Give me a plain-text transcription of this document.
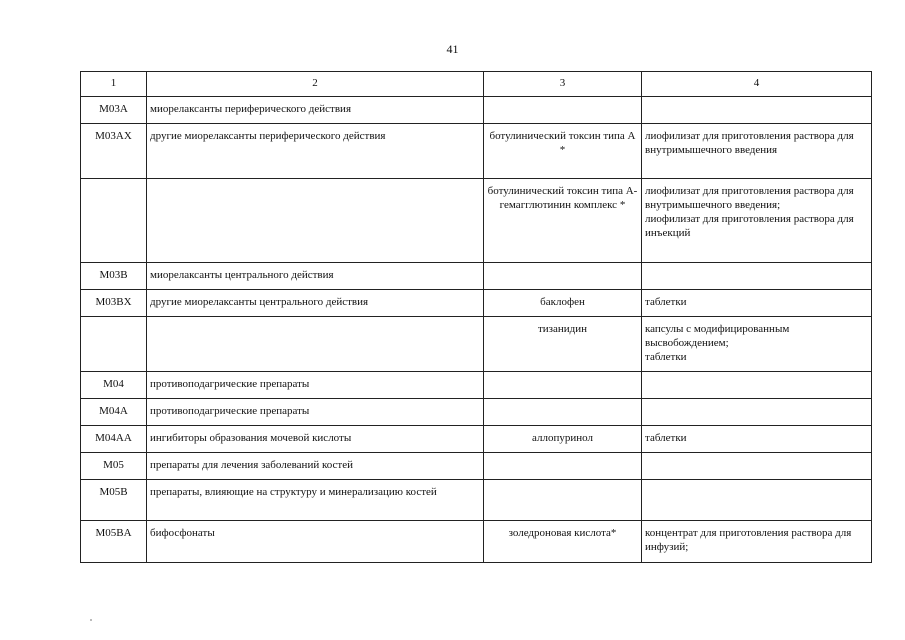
41
1	2	3	4
M03A	миорелаксанты периферического действия		
M03AX	другие миорелаксанты периферического действия	ботулинический токсин типа А *	лиофилизат для приготовления раствора для внутримышечного введения
		ботулинический токсин типа А-гемагглютинин комплекс *	лиофилизат для приготовления раствора для внутримышечного введения;
лиофилизат для приготовления раствора для инъекций
M03B	миорелаксанты центрального действия		
M03BX	другие миорелаксанты центрального действия	баклофен	таблетки
		тизанидин	капсулы с модифицированным высвобождением;
таблетки
M04	противоподагрические препараты		
M04A	противоподагрические препараты		
M04AA	ингибиторы образования мочевой кислоты	аллопуринол	таблетки
M05	препараты для лечения заболеваний костей		
M05B	препараты, влияющие на структуру и минерализацию костей		
M05BA	бифосфонаты	золедроновая кислота*	концентрат для приготовления раствора для инфузий;
